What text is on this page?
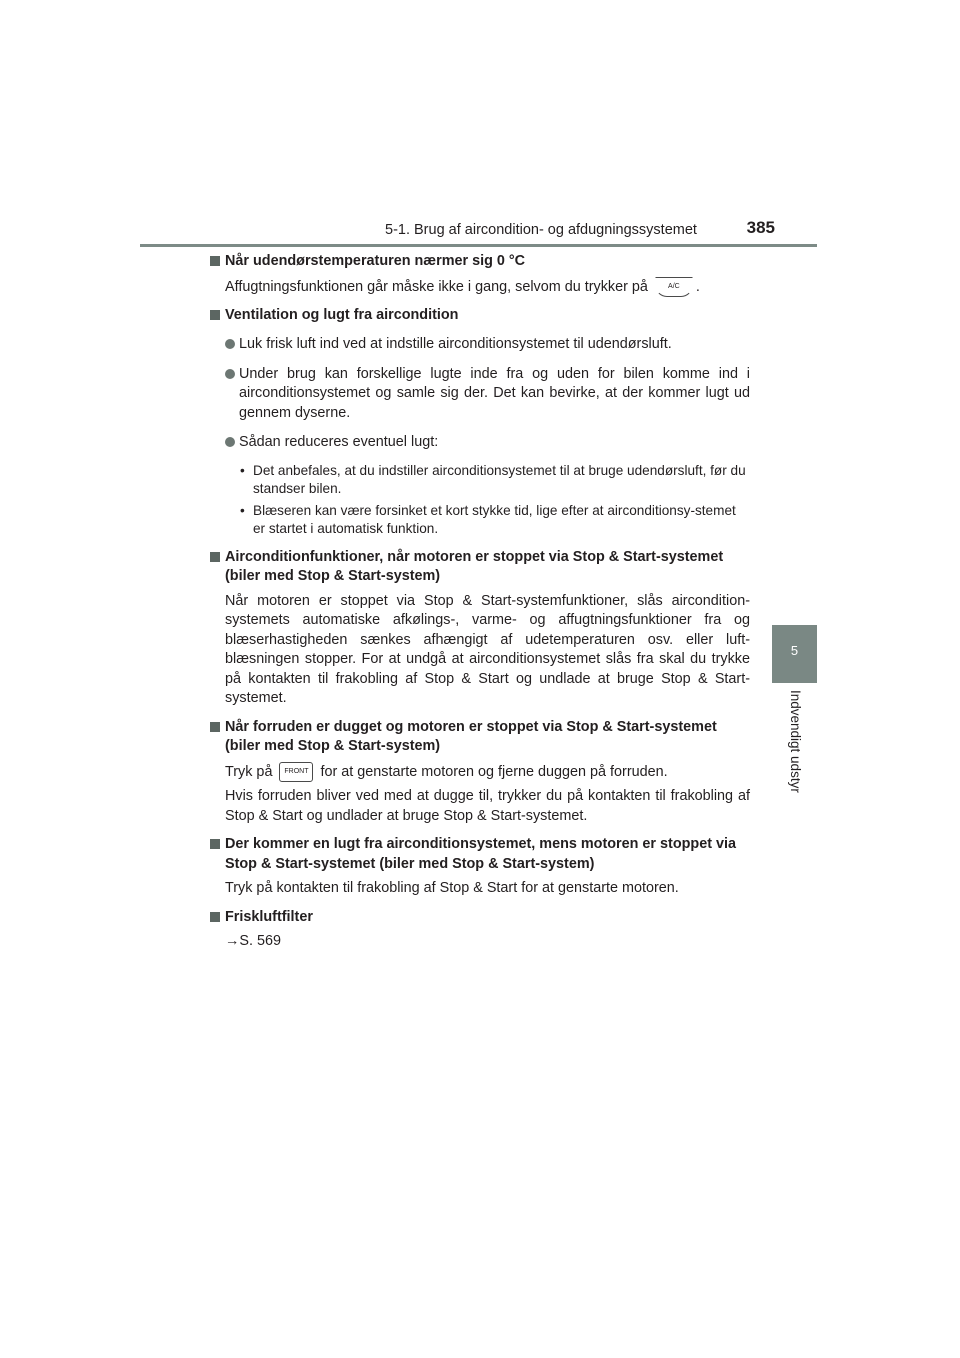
5-1. Brug af aircondition- og afdugningssystemet	385
5
Indvendigt udstyr
Når udendørstemperaturen nærmer sig 0 °C
Affugtningsfunktionen går måske ikke i gang, selvom du trykker på	A/C .
Ventilation og lugt fra aircondition
Luk frisk luft ind ved at indstille airconditionsystemet til udendørsluft.
Under brug kan forskellige lugte inde fra og uden for bilen komme ind i airconditionsystemet og samle sig der. Det kan bevirke, at der kommer lugt ud gennem dyserne.
Sådan reduceres eventuel lugt:
• Det anbefales, at du indstiller airconditionsystemet til at bruge udendørsluft, før du standser bilen.
• Blæseren kan være forsinket et kort stykke tid, lige efter at airconditionsy-stemet er startet i automatisk funktion.
Airconditionfunktioner, når motoren er stoppet via Stop & Start-systemet (biler med Stop & Start-system)
Når motoren er stoppet via Stop & Start-systemfunktioner, slås aircondition-systemets automatiske afkølings-, varme- og affugtningsfunktioner fra og blæserhastigheden sænkes afhængigt af udetemperaturen osv. eller luft-blæsningen stopper. For at undgå at airconditionsystemet slås fra skal du trykke på kontakten til frakobling af Stop & Start og undlade at bruge Stop & Start-systemet.
Når forruden er dugget og motoren er stoppet via Stop & Start-systemet (biler med Stop & Start-system)
Tryk på FRONT for at genstarte motoren og fjerne duggen på forruden.
Hvis forruden bliver ved med at dugge til, trykker du på kontakten til frakobling af Stop & Start og undlader at bruge Stop & Start-systemet.
Der kommer en lugt fra airconditionsystemet, mens motoren er stoppet via Stop & Start-systemet (biler med Stop & Start-system)
Tryk på kontakten til frakobling af Stop & Start for at genstarte motoren.
Friskluftfilter
→S. 569
